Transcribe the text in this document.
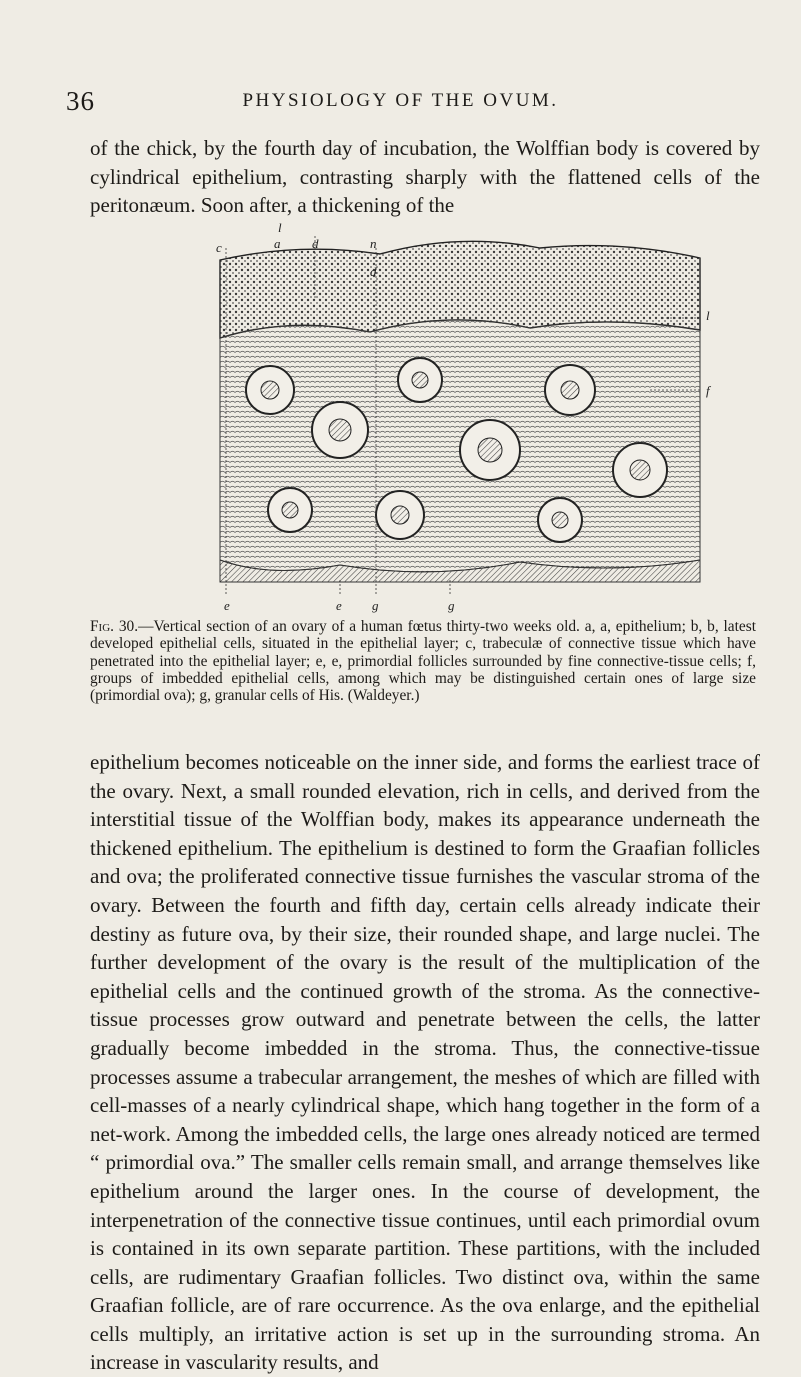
36	PHYSIOLOGY OF THE OVUM.

of the chick, by the fourth day of incubation, the Wolffian body is covered by cylindrical epithelium, contrasting sharply with the flattened cells of the peritonæum. Soon after, a thickening of the

l
c	a d	n
d
l
f
e	e g	g

Fig. 30.—Vertical section of an ovary of a human fœtus thirty-two weeks old. a, a, epithelium; b, b, latest developed epithelial cells, situated in the epithelial layer; c, trabeculæ of connective tissue which have penetrated into the epithelial layer; e, e, primordial follicles surrounded by fine connective-tissue cells; f, groups of imbedded epithelial cells, among which may be distinguished certain ones of large size (primordial ova); g, granular cells of His. (Waldeyer.)

epithelium becomes noticeable on the inner side, and forms the earliest trace of the ovary. Next, a small rounded elevation, rich in cells, and derived from the interstitial tissue of the Wolffian body, makes its appearance underneath the thickened epithelium. The epithelium is destined to form the Graafian follicles and ova; the proliferated connective tissue furnishes the vascular stroma of the ovary. Between the fourth and fifth day, certain cells already indicate their destiny as future ova, by their size, their rounded shape, and large nuclei. The further development of the ovary is the result of the multiplication of the epithelial cells and the continued growth of the stroma. As the connective-tissue processes grow outward and penetrate between the cells, the latter gradually become imbedded in the stroma. Thus, the connective-tissue processes assume a trabecular arrangement, the meshes of which are filled with cell-masses of a nearly cylindrical shape, which hang together in the form of a net-work. Among the imbedded cells, the large ones already noticed are termed “ primordial ova.” The smaller cells remain small, and arrange themselves like epithelium around the larger ones. In the course of development, the interpenetration of the connective tissue continues, until each primordial ovum is contained in its own separate partition. These partitions, with the included cells, are rudimentary Graafian follicles. Two distinct ova, within the same Graafian follicle, are of rare occurrence. As the ova enlarge, and the epithelial cells multiply, an irritative action is set up in the surrounding stroma. An increase in vascularity results, and
